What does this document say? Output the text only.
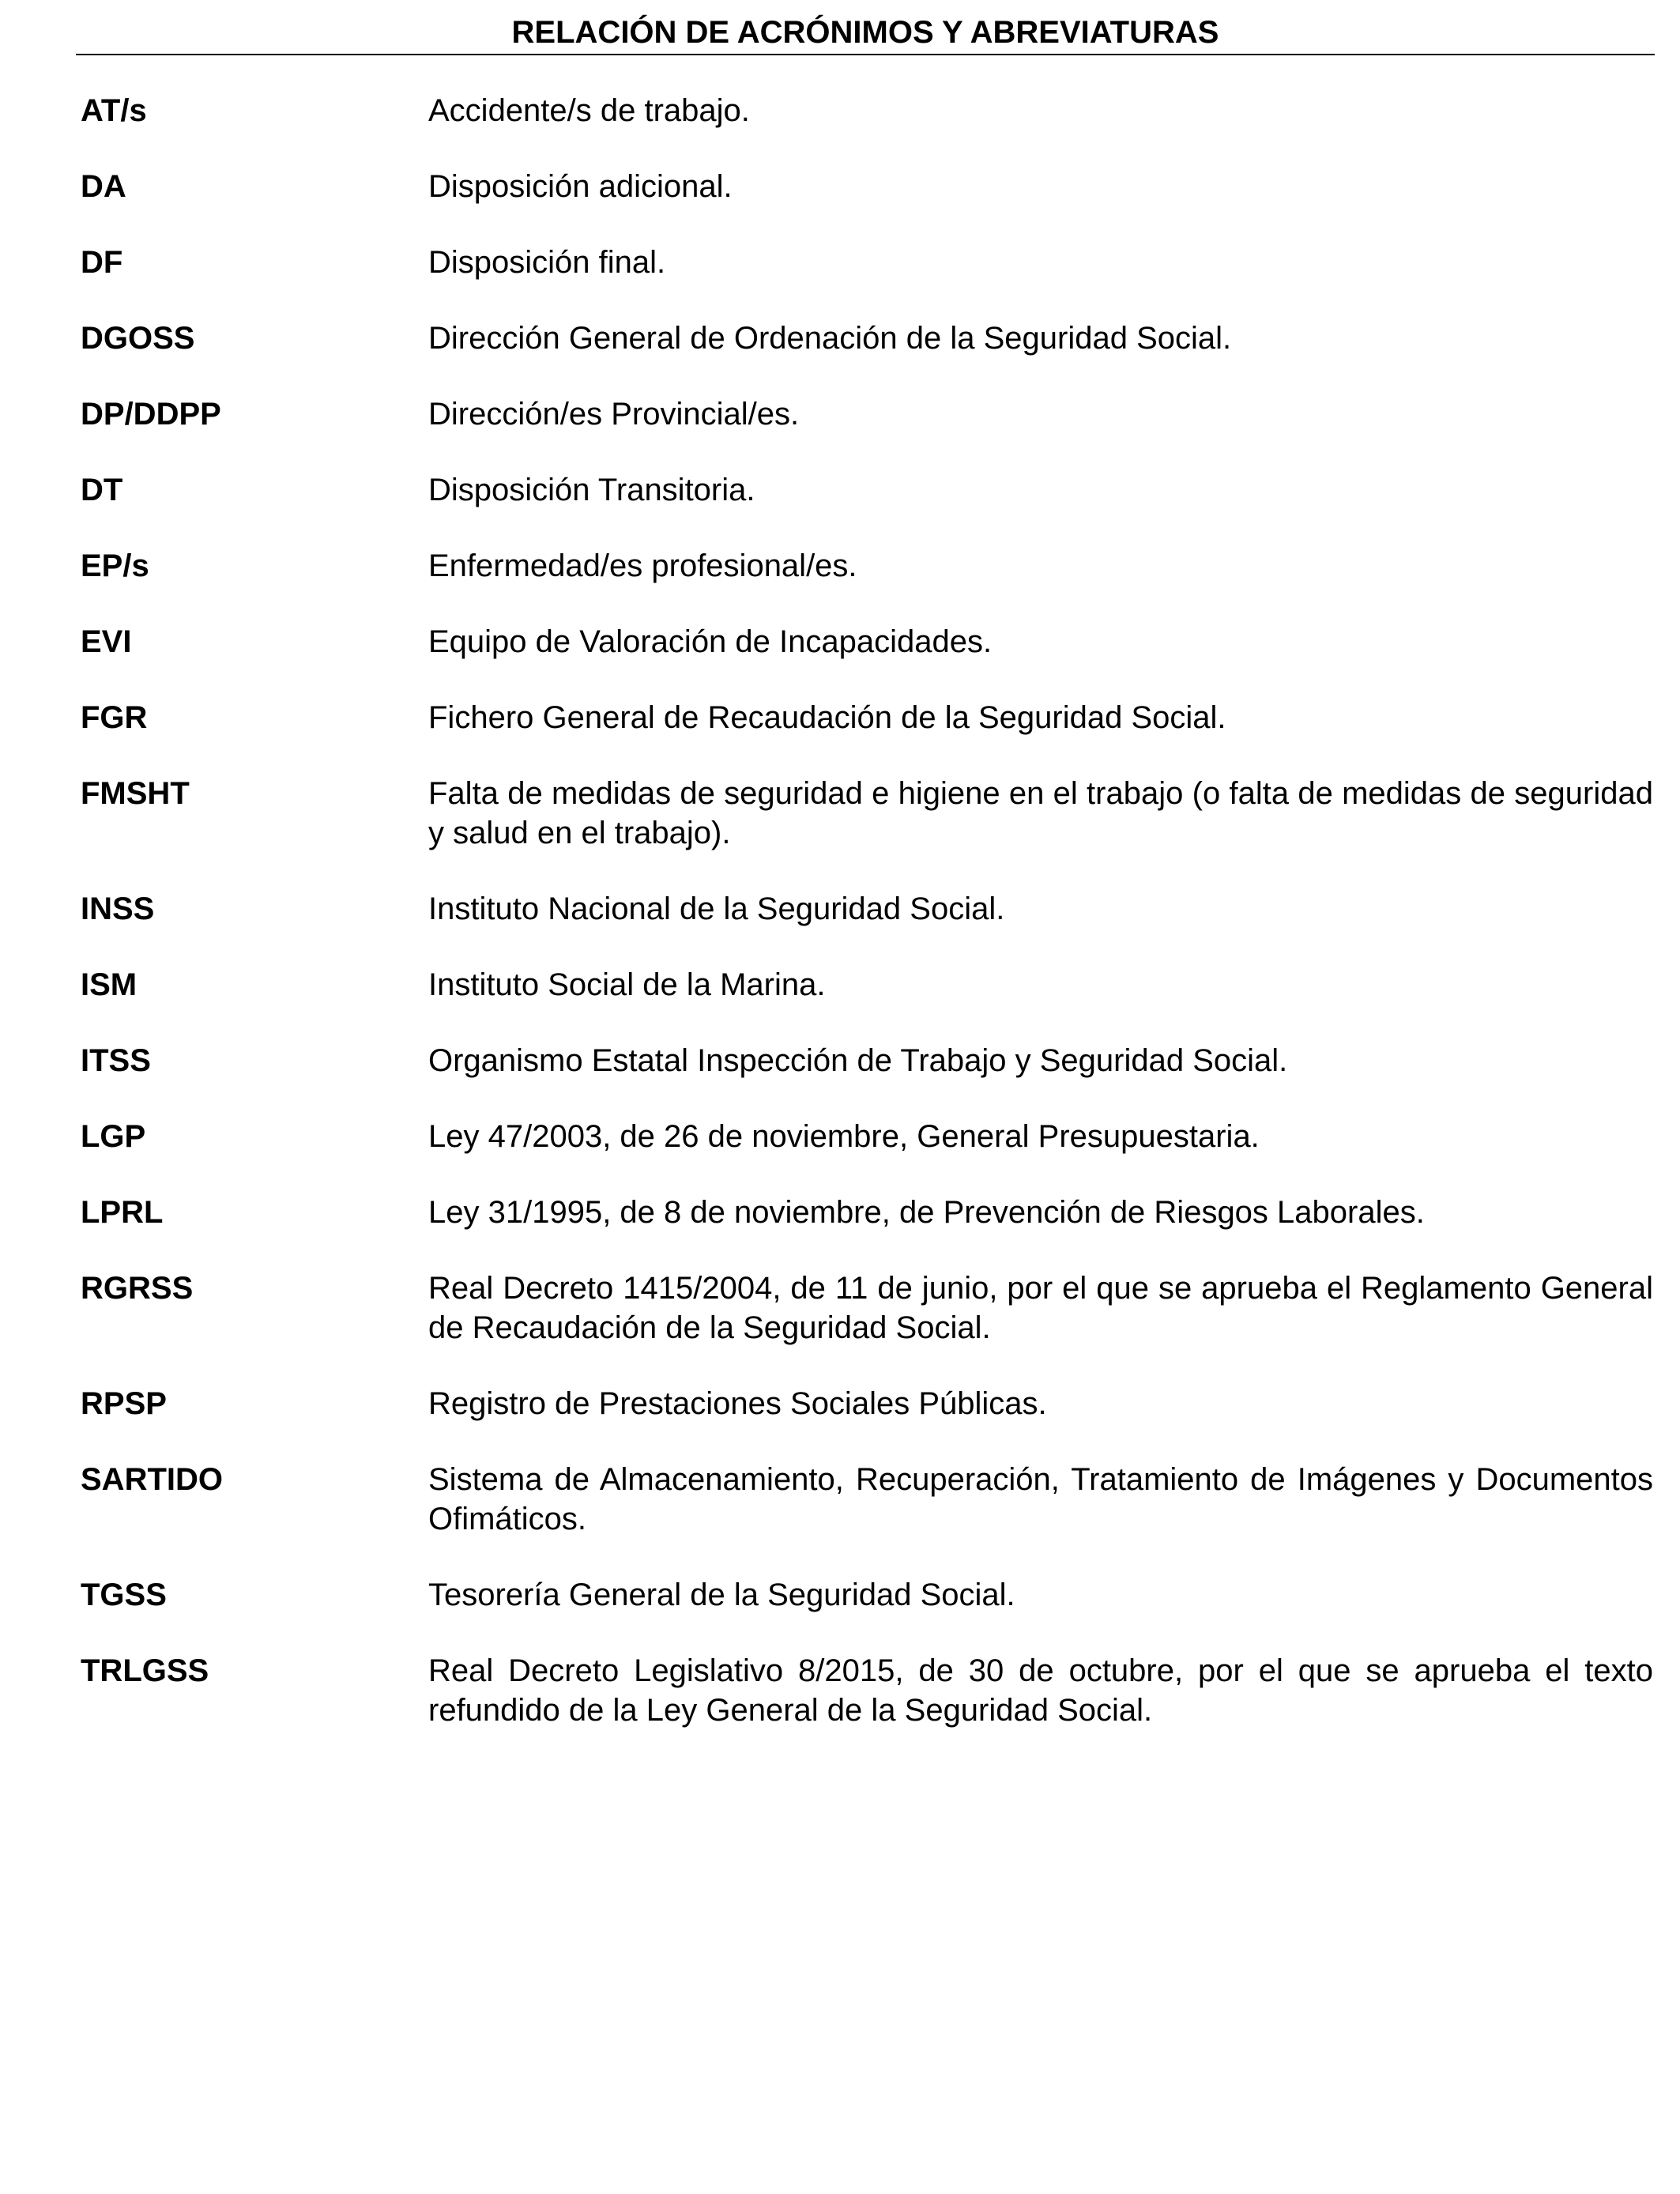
RELACIÓN DE ACRÓNIMOS Y ABREVIATURAS
AT/s	Accidente/s de trabajo.
DA	Disposición adicional.
DF	Disposición final.
DGOSS	Dirección General de Ordenación de la Seguridad Social.
DP/DDPP	Dirección/es Provincial/es.
DT	Disposición Transitoria.
EP/s	Enfermedad/es profesional/es.
EVI	Equipo de Valoración de Incapacidades.
FGR	Fichero General de Recaudación de la Seguridad Social.
FMSHT	Falta de medidas de seguridad e higiene en el trabajo (o falta de medidas de seguridad y salud en el trabajo).
INSS	Instituto Nacional de la Seguridad Social.
ISM	Instituto Social de la Marina.
ITSS	Organismo Estatal Inspección de Trabajo y Seguridad Social.
LGP	Ley 47/2003, de 26 de noviembre, General Presupuestaria.
LPRL	Ley 31/1995, de 8 de noviembre, de Prevención de Riesgos Laborales.
RGRSS	Real Decreto 1415/2004, de 11 de junio, por el que se aprueba el Reglamento General de Recaudación de la Seguridad Social.
RPSP	Registro de Prestaciones Sociales Públicas.
SARTIDO	Sistema de Almacenamiento, Recuperación, Tratamiento de Imágenes y Documentos Ofimáticos.
TGSS	Tesorería General de la Seguridad Social.
TRLGSS	Real Decreto Legislativo 8/2015, de 30 de octubre, por el que se aprueba el texto refundido de la Ley General de la Seguridad Social.
